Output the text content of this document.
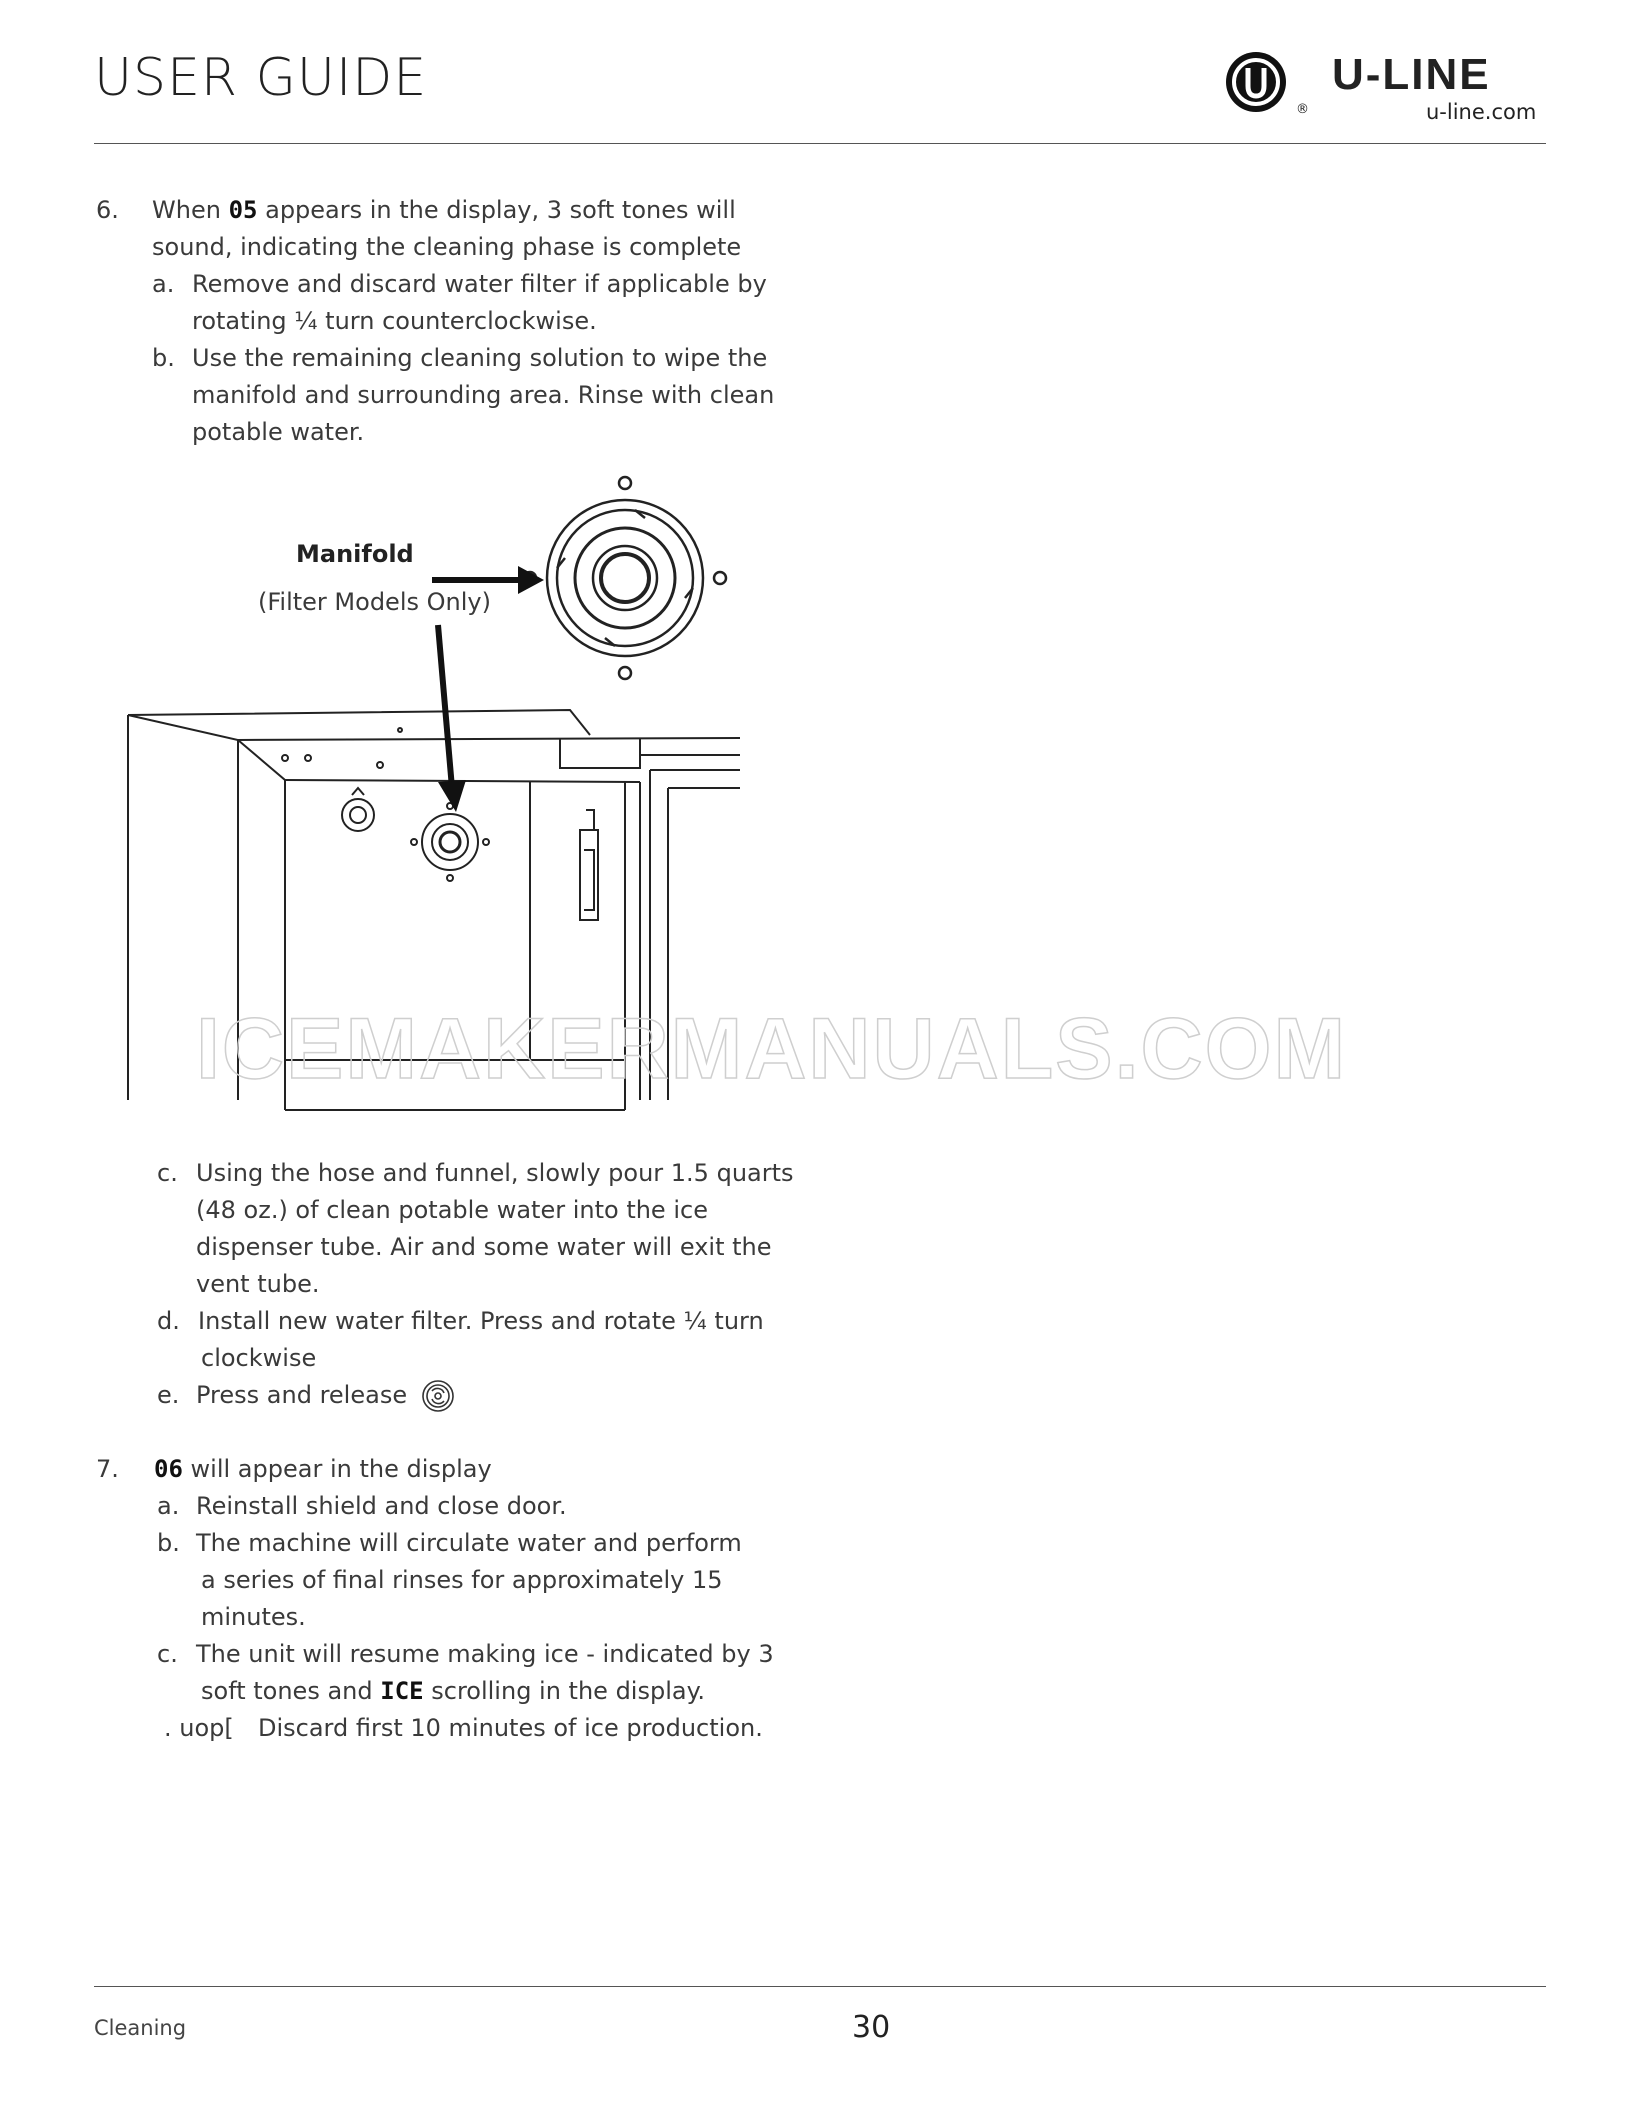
USER GUIDE
®
U-LINE
u-line.com
6. When 05 appears in the display, 3 soft tones will
sound, indicating the cleaning phase is complete
a. Remove and discard water filter if applicable by
rotating ¼ turn counterclockwise.
b. Use the remaining cleaning solution to wipe the
manifold and surrounding area. Rinse with clean
potable water.
Manifold
(Filter Models Only)
ICEMAKERMANUALS.COM
c. Using the hose and funnel, slowly pour 1.5 quarts
(48 oz.) of clean potable water into the ice
dispenser tube. Air and some water will exit the
vent tube.
d. Install new water filter. Press and rotate ¼ turn
clockwise
e. Press and release
7. 06 will appear in the display
a. Reinstall shield and close door.
b. The machine will circulate water and perform
a series of final rinses for approximately 15
minutes.
c. The unit will resume making ice - indicated by 3
soft tones and ICE scrolling in the display.
. uop[ Discard first 10 minutes of ice production.
Cleaning	30
